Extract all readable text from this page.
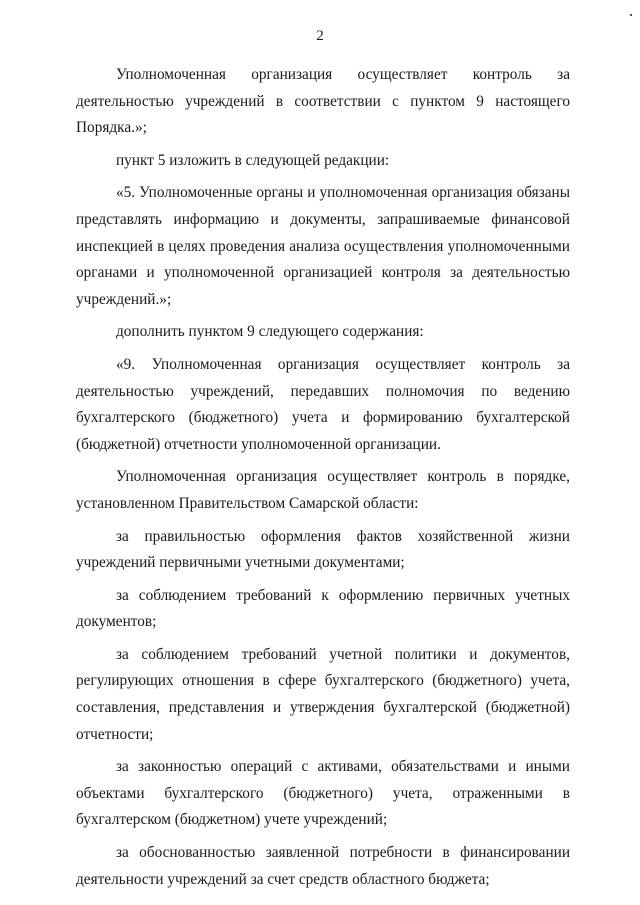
2

Уполномоченная организация осуществляет контроль за деятельностью учреждений в соответствии с пунктом 9 настоящего Порядка.»;

пункт 5 изложить в следующей редакции:

«5. Уполномоченные органы и уполномоченная организация обязаны представлять информацию и документы, запрашиваемые финансовой инспекцией в целях проведения анализа осуществления уполномоченными органами и уполномоченной организацией контроля за деятельностью учреждений.»;

дополнить пунктом 9 следующего содержания:

«9. Уполномоченная организация осуществляет контроль за деятельностью учреждений, передавших полномочия по ведению бухгалтерского (бюджетного) учета и формированию бухгалтерской (бюджетной) отчетности уполномоченной организации.

Уполномоченная организация осуществляет контроль в порядке, установленном Правительством Самарской области:

за правильностью оформления фактов хозяйственной жизни учреждений первичными учетными документами;

за соблюдением требований к оформлению первичных учетных документов;

за соблюдением требований учетной политики и документов, регулирующих отношения в сфере бухгалтерского (бюджетного) учета, составления, представления и утверждения бухгалтерской (бюджетной) отчетности;

за законностью операций с активами, обязательствами и иными объектами бухгалтерского (бюджетного) учета, отраженными в бухгалтерском (бюджетном) учете учреждений;

за обоснованностью заявленной потребности в финансировании деятельности учреждений за счет средств областного бюджета;
